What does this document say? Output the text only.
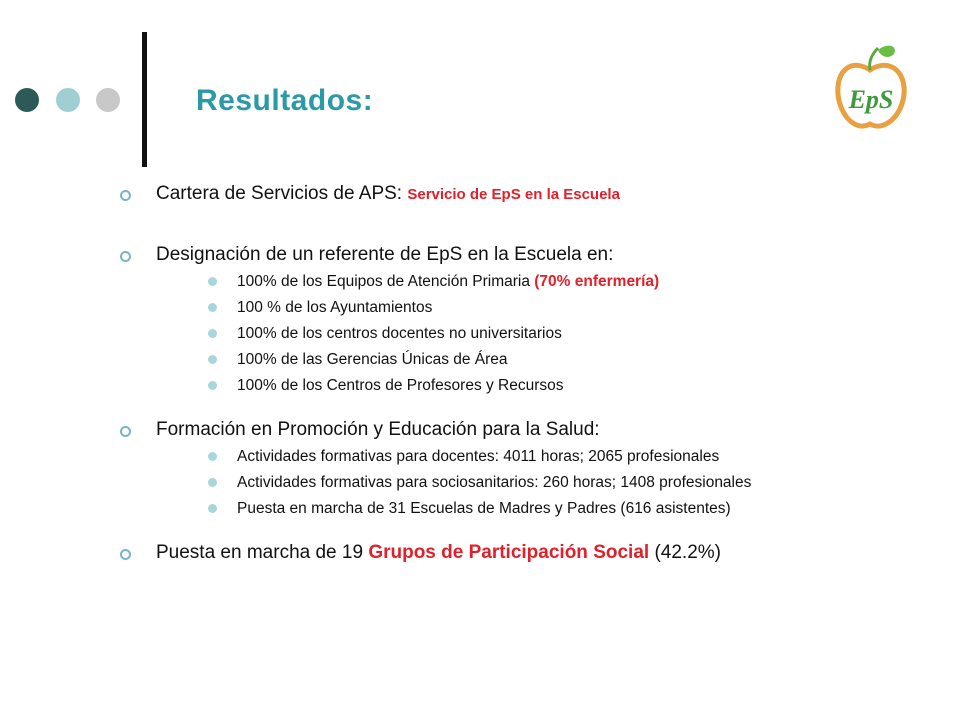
Resultados:	EpS
Cartera de Servicios de APS: Servicio de EpS en la Escuela
Designación de un referente de EpS en la Escuela en:
100% de los Equipos de Atención Primaria (70% enfermería)
100 % de los Ayuntamientos
100% de los centros docentes no universitarios
100% de las Gerencias Únicas de Área
100% de los Centros de Profesores y Recursos
Formación en Promoción y Educación para la Salud:
Actividades formativas para docentes: 4011 horas; 2065 profesionales
Actividades formativas para sociosanitarios: 260 horas; 1408 profesionales
Puesta en marcha de 31 Escuelas de Madres y Padres (616 asistentes)
Puesta en marcha de 19 Grupos de Participación Social (42.2%)
